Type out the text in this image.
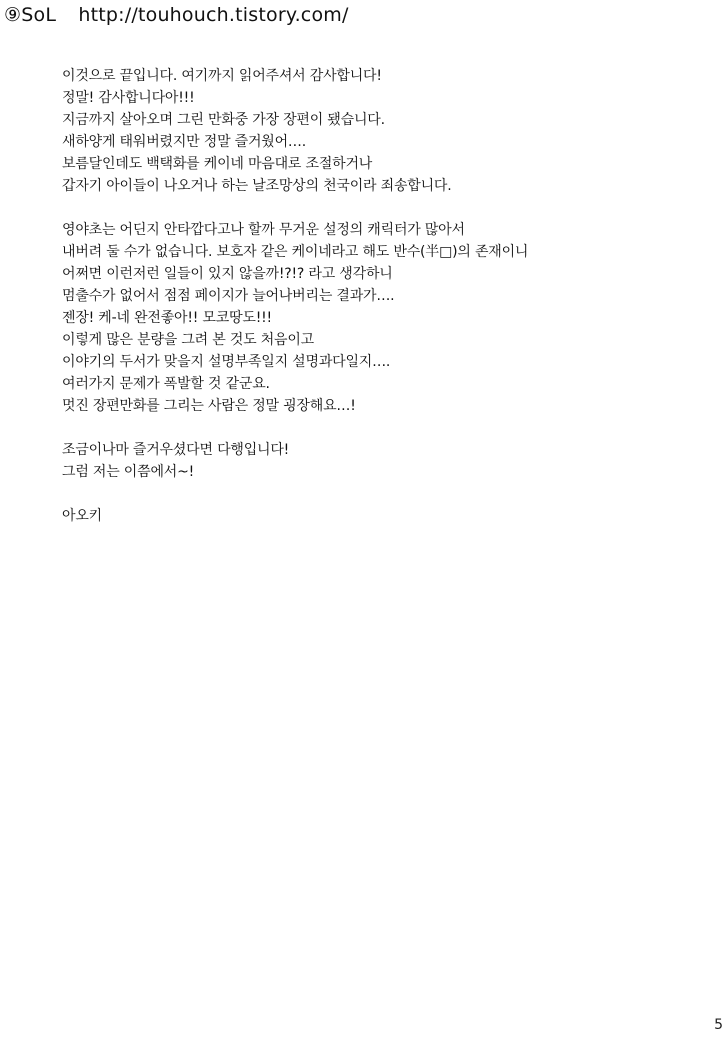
⑨SoL http://touhouch.tistory.com/
이것으로 끝입니다. 여기까지 읽어주셔서 감사합니다!
정말! 감사합니다아!!!
지금까지 살아오며 그린 만화중 가장 장편이 됐습니다.
새하양게 태워버렸지만 정말 즐거웠어….
보름달인데도 백택화를 케이네 마음대로 조절하거나
갑자기 아이들이 나오거나 하는 날조망상의 천국이라 죄송합니다.
영야초는 어딘지 안타깝다고나 할까 무거운 설정의 캐릭터가 많아서
내버려 둘 수가 없습니다. 보호자 같은 케이네라고 해도 반수(半□)의 존재이니
어쩌면 이런저런 일들이 있지 않을까!?!? 라고 생각하니
멈출수가 없어서 점점 페이지가 늘어나버리는 결과가….
젠장! 케-네 완전좋아!! 모코땅도!!!
이렇게 많은 분량을 그려 본 것도 처음이고
이야기의 두서가 맞을지 설명부족일지 설명과다일지….
여러가지 문제가 폭발할 것 같군요.
멋진 장편만화를 그리는 사람은 정말 굉장해요…!
조금이나마 즐거우셨다면 다행입니다!
그럼 저는 이쯤에서~!
아오키
5
